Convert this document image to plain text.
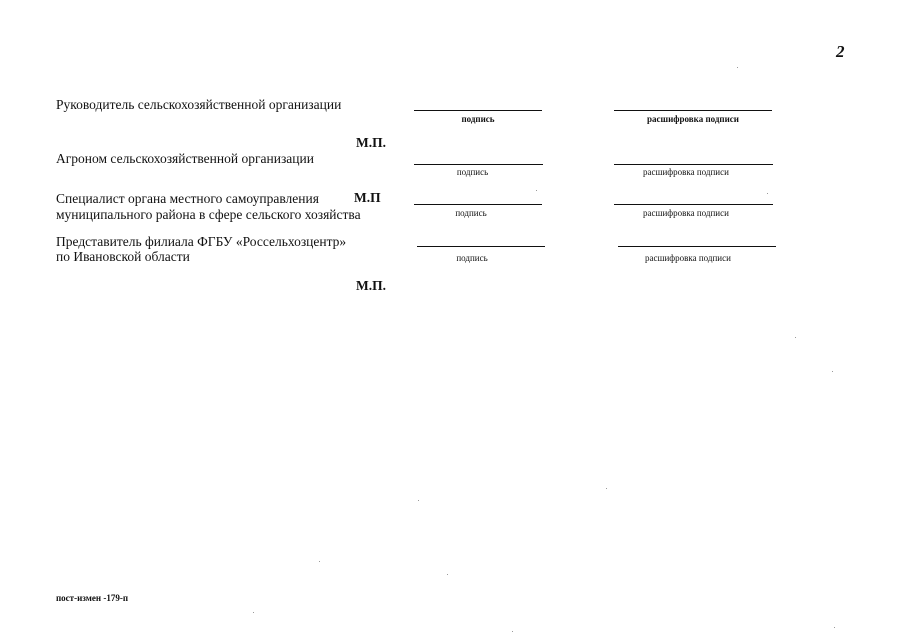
2
Руководитель сельскохозяйственной организации
подпись	расшифровка подписи
М.П.
Агроном сельскохозяйственной организации
подпись	расшифровка подписи
Специалист органа местного самоуправления	М.П
муниципального района в сфере сельского хозяйства	подпись	расшифровка подписи
Представитель филиала ФГБУ «Россельхозцентр»
по Ивановской области	подпись	расшифровка подписи
М.П.
пост-измен -179-п
